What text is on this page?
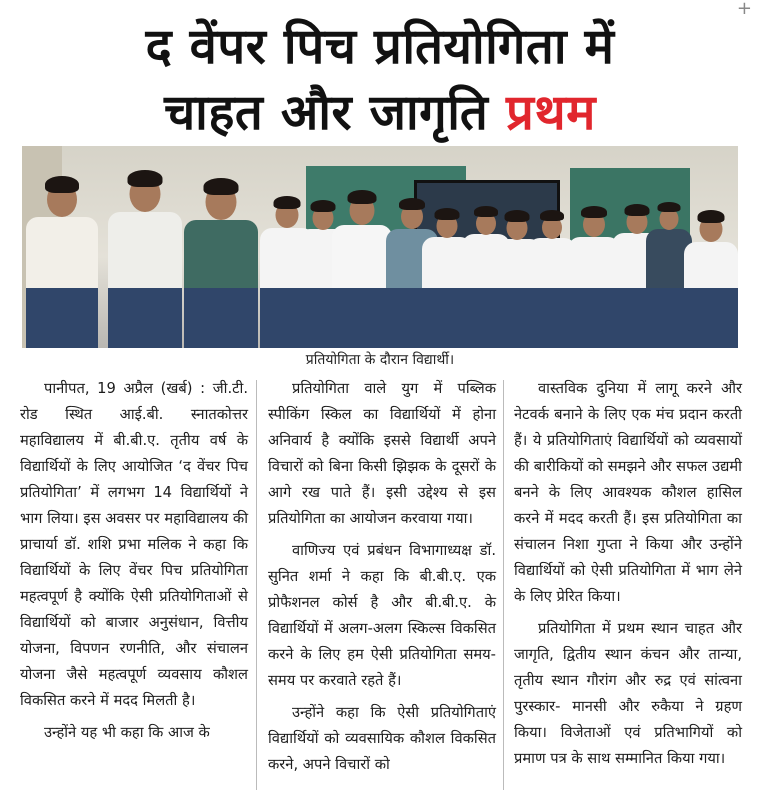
+
द वेंपर पिच प्रतियोगिता में
चाहत और जागृति प्रथम
प्रतियोगिता के दौरान विद्यार्थी।

पानीपत, 19 अप्रैल (खर्ब) : जी.टी. रोड स्थित आई.बी. स्नातकोत्तर महाविद्यालय में बी.बी.ए. तृतीय वर्ष के विद्यार्थियों के लिए आयोजित ‘द वेंचर पिच प्रतियोगिता’ में लगभग 14 विद्यार्थियों ने भाग लिया। इस अवसर पर महाविद्यालय की प्राचार्या डॉ. शशि प्रभा मलिक ने कहा कि विद्यार्थियों के लिए वेंचर पिच प्रतियोगिता महत्वपूर्ण है क्योंकि ऐसी प्रतियोगिताओं से विद्यार्थियों को बाजार अनुसंधान, वित्तीय योजना, विपणन रणनीति, और संचालन योजना जैसे महत्वपूर्ण व्यवसाय कौशल विकसित करने में मदद मिलती है।

उन्होंने यह भी कहा कि आज के

प्रतियोगिता वाले युग में पब्लिक स्पीकिंग स्किल का विद्यार्थियों में होना अनिवार्य है क्योंकि इससे विद्यार्थी अपने विचारों को बिना किसी झिझक के दूसरों के आगे रख पाते हैं। इसी उद्देश्य से इस प्रतियोगिता का आयोजन करवाया गया।

वाणिज्य एवं प्रबंधन विभागाध्यक्ष डॉ. सुनित शर्मा ने कहा कि बी.बी.ए. एक प्रोफैशनल कोर्स है और बी.बी.ए. के विद्यार्थियों में अलग-अलग स्किल्स विकसित करने के लिए हम ऐसी प्रतियोगिता समय-समय पर करवाते रहते हैं।

उन्होंने कहा कि ऐसी प्रतियोगिताएं विद्यार्थियों को व्यवसायिक कौशल विकसित करने, अपने विचारों को

वास्तविक दुनिया में लागू करने और नेटवर्क बनाने के लिए एक मंच प्रदान करती हैं। ये प्रतियोगिताएं विद्यार्थियों को व्यवसायों की बारीकियों को समझने और सफल उद्यमी बनने के लिए आवश्यक कौशल हासिल करने में मदद करती हैं। इस प्रतियोगिता का संचालन निशा गुप्ता ने किया और उन्होंने विद्यार्थियों को ऐसी प्रतियोगिता में भाग लेने के लिए प्रेरित किया।

प्रतियोगिता में प्रथम स्थान चाहत और जागृति, द्वितीय स्थान कंचन और तान्या, तृतीय स्थान गौरांग और रुद्र एवं सांत्वना पुरस्कार- मानसी और रुकैया ने ग्रहण किया। विजेताओं एवं प्रतिभागियों को प्रमाण पत्र के साथ सम्मानित किया गया।
